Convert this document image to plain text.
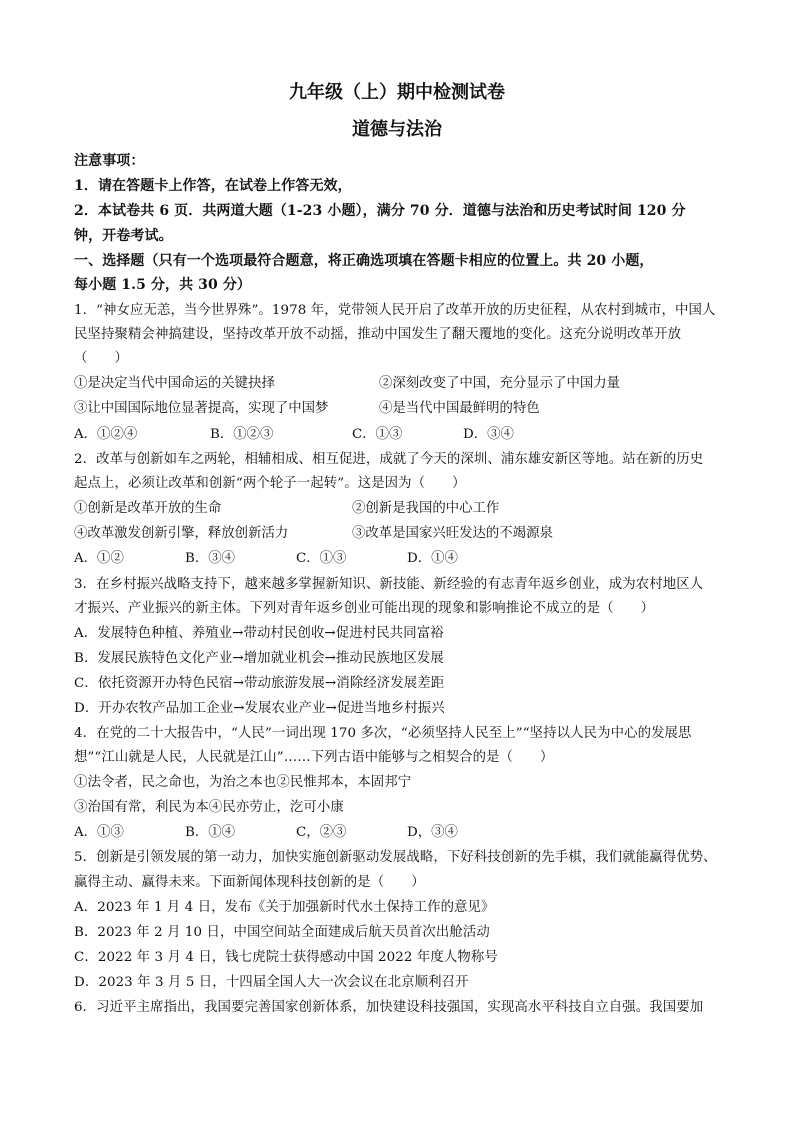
九年级（上）期中检测试卷
道德与法治
注意事项：
1．请在答题卡上作答，在试卷上作答无效，
2．本试卷共 6 页．共两道大题（1-23 小题），满分 70 分．道德与法治和历史考试时间 120 分
钟，开卷考试。
一、选择题（只有一个选项最符合题意，将正确选项填在答题卡相应的位置上。共 20 小题，
每小题 1.5 分，共 30 分）
1．“神女应无恙，当今世界殊”。1978 年，党带领人民开启了改革开放的历史征程，从农村到城市，中国人
民坚持聚精会神搞建设，坚持改革开放不动摇，推动中国发生了翻天覆地的变化。这充分说明改革开放
（　　）
①是决定当代中国命运的关键抉择	②深刻改变了中国，充分显示了中国力量
③让中国国际地位显著提高，实现了中国梦	④是当代中国最鲜明的特色
A．①②④	B．①②③	C．①③	D．③④
2．改革与创新如车之两轮，相辅相成、相互促进，成就了今天的深圳、浦东雄安新区等地。站在新的历史
起点上，必须让改革和创新“两个轮子一起转”。这是因为（　　）
①创新是改革开放的生命	②创新是我国的中心工作
④改革激发创新引擎，释放创新活力	③改革是国家兴旺发达的不竭源泉
A．①②	B．③④	C．①③	D．①④
3．在乡村振兴战略支持下，越来越多掌握新知识、新技能、新经验的有志青年返乡创业，成为农村地区人
才振兴、产业振兴的新主体。下列对青年返乡创业可能出现的现象和影响推论不成立的是（　　）
A．发展特色种植、养殖业→带动村民创收→促进村民共同富裕
B．发展民族特色文化产业→增加就业机会→推动民族地区发展
C．依托资源开办特色民宿→带动旅游发展→消除经济发展差距
D．开办农牧产品加工企业→发展农业产业→促进当地乡村振兴
4．在党的二十大报告中，“人民”一词出现 170 多次，“必须坚持人民至上”“坚持以人民为中心的发展思
想”“江山就是人民，人民就是江山”……下列古语中能够与之相契合的是（　　）
①法令者，民之命也，为治之本也②民惟邦本，本固邦宁
③治国有常，利民为本④民亦劳止，汔可小康
A．①③	B．①④	C，②③	D，③④
5．创新是引领发展的第一动力，加快实施创新驱动发展战略，下好科技创新的先手棋，我们就能赢得优势、
赢得主动、赢得未来。下面新闻体现科技创新的是（　　）
A．2023 年 1 月 4 日，发布《关于加强新时代水土保持工作的意见》
B．2023 年 2 月 10 日，中国空间站全面建成后航天员首次出舱活动
C．2022 年 3 月 4 日，钱七虎院士获得感动中国 2022 年度人物称号
D．2023 年 3 月 5 日，十四届全国人大一次会议在北京顺利召开
6．习近平主席指出，我国要完善国家创新体系，加快建设科技强国，实现高水平科技自立自强。我国要加
